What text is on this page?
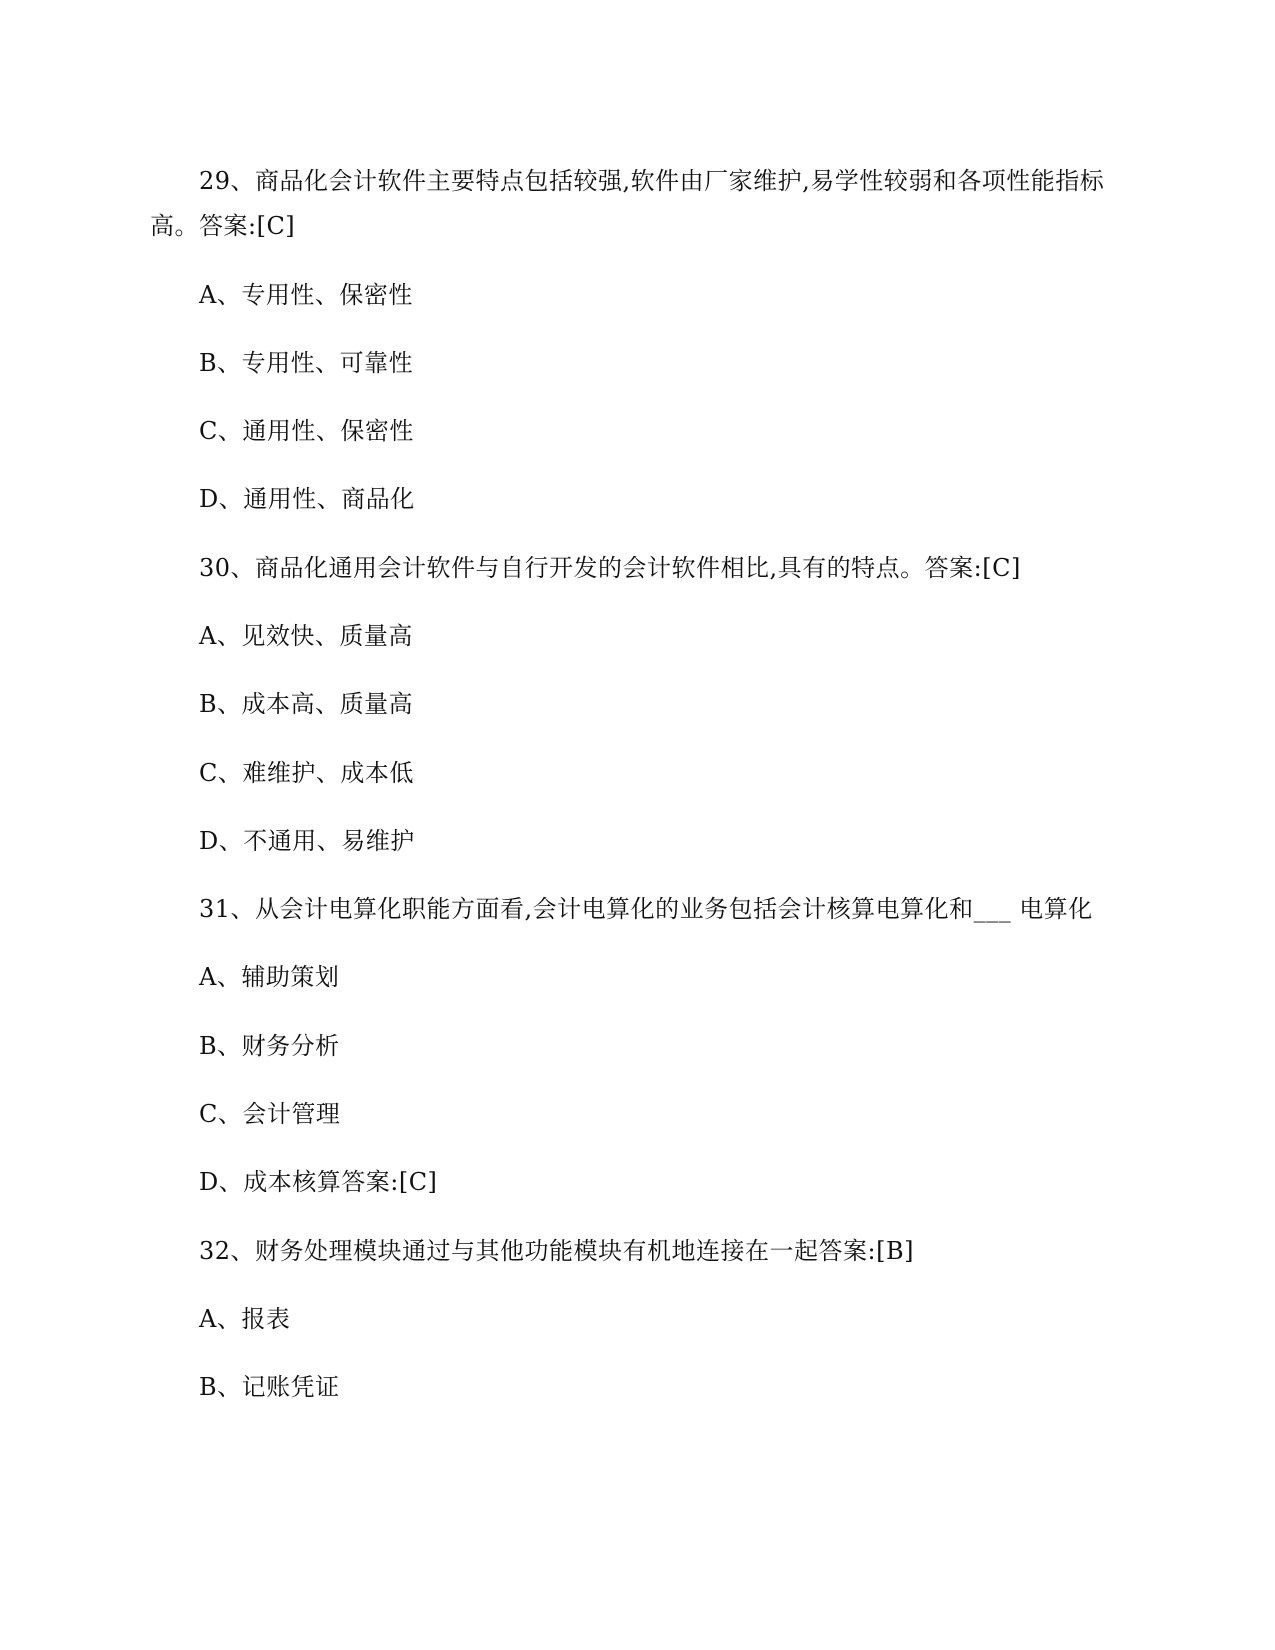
29、商品化会计软件主要特点包括较强,软件由厂家维护,易学性较弱和各项性能指标
高。答案:[C]
A、专用性、保密性
B、专用性、可靠性
C、通用性、保密性
D、通用性、商品化
30、商品化通用会计软件与自行开发的会计软件相比,具有的特点。答案:[C]
A、见效快、质量高
B、成本高、质量高
C、难维护、成本低
D、不通用、易维护
31、从会计电算化职能方面看,会计电算化的业务包括会计核算电算化和___ 电算化
A、辅助策划
B、财务分析
C、会计管理
D、成本核算答案:[C]
32、财务处理模块通过与其他功能模块有机地连接在一起答案:[B]
A、报表
B、记账凭证
